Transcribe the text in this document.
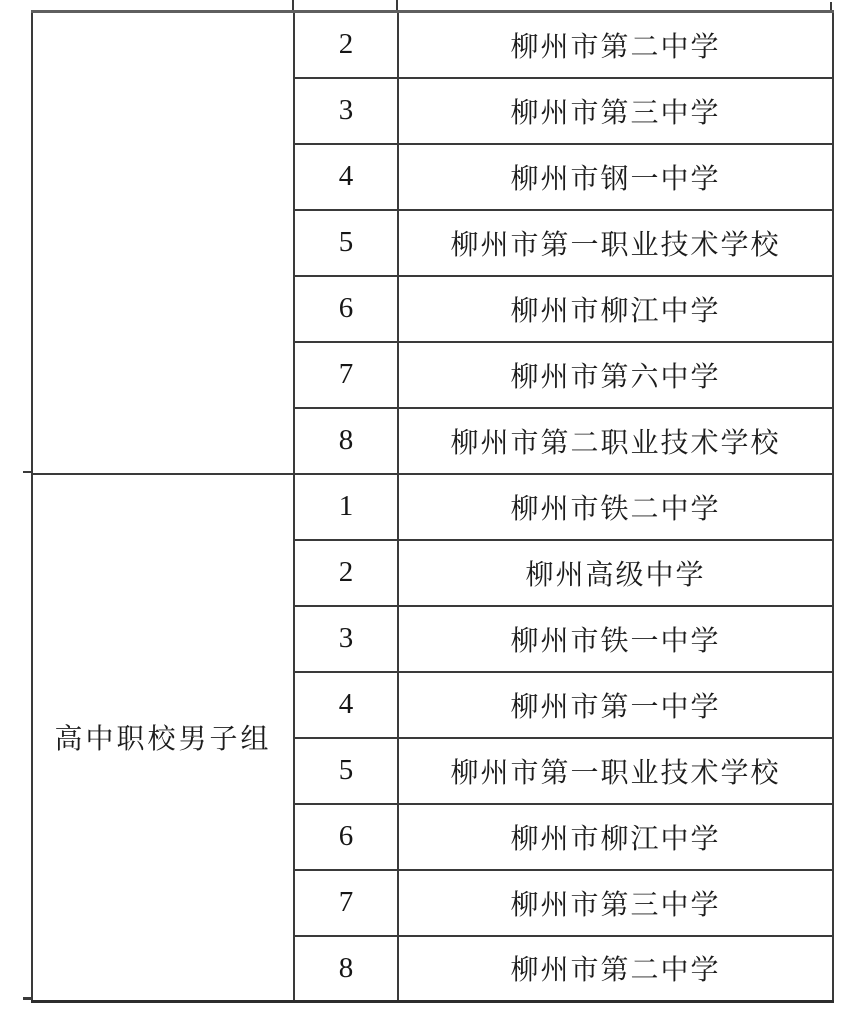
	2	柳州市第二中学
	3	柳州市第三中学
	4	柳州市钢一中学
	5	柳州市第一职业技术学校
	6	柳州市柳江中学
	7	柳州市第六中学
	8	柳州市第二职业技术学校
高中职校男子组	1	柳州市铁二中学
	2	柳州高级中学
	3	柳州市铁一中学
	4	柳州市第一中学
	5	柳州市第一职业技术学校
	6	柳州市柳江中学
	7	柳州市第三中学
	8	柳州市第二中学
